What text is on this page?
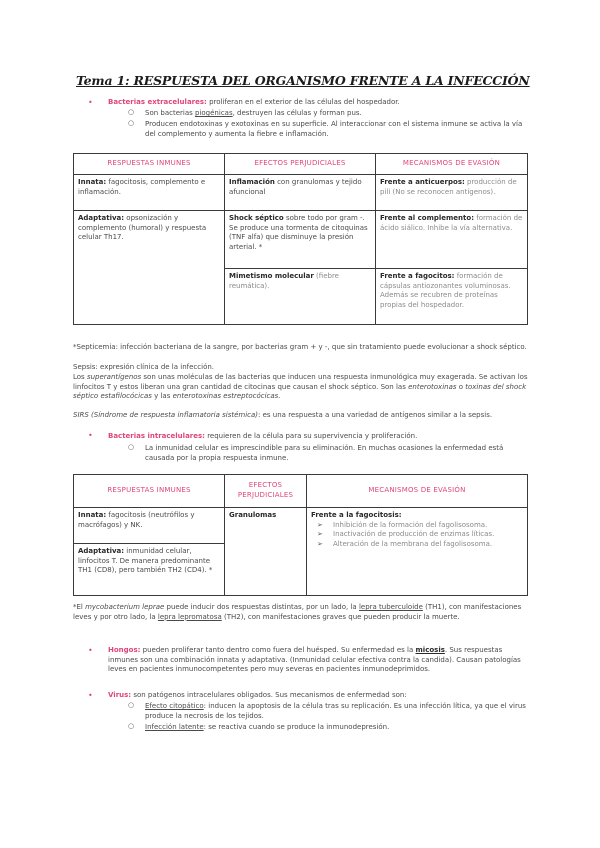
Tema 1: RESPUESTA DEL ORGANISMO FRENTE A LA INFECCIÓN
• Bacterias extracelulares: proliferan en el exterior de las células del hospedador.
○ Son bacterias piogénicas, destruyen las células y forman pus.
○ Producen endotoxinas y exotoxinas en su superficie. Al interaccionar con el sistema inmune se activa la vía del complemento y aumenta la fiebre e inflamación.
RESPUESTAS INMUNES	EFECTOS PERJUDICIALES	MECANISMOS DE EVASIÓN
Innata: fagocitosis, complemento e inflamación.	Inflamación con granulomas y tejido afuncional	Frente a anticuerpos: producción de pili (No se reconocen antígenos).
Adaptativa: opsonización y complemento (humoral) y respuesta celular Th17.	Shock séptico sobre todo por gram -. Se produce una tormenta de citoquinas (TNF alfa) que disminuye la presión arterial. *	Frente al complemento: formación de ácido siálico. Inhibe la vía alternativa.
	Mimetismo molecular (fiebre reumática).	Frente a fagocitos: formación de cápsulas antiozonantes voluminosas. Además se recubren de proteínas propias del hospedador.
*Septicemia: infección bacteriana de la sangre, por bacterias gram + y -, que sin tratamiento puede evolucionar a shock séptico.
Sepsis: expresión clínica de la infección.
Los superantígenos son unas moléculas de las bacterias que inducen una respuesta inmunológica muy exagerada. Se activan los linfocitos T y estos liberan una gran cantidad de citocinas que causan el shock séptico. Son las enterotoxinas o toxinas del shock séptico estafilocócicas y las enterotoxinas estreptocócicas.
SIRS (Síndrome de respuesta inflamatoria sistémica): es una respuesta a una variedad de antígenos similar a la sepsis.
• Bacterias intracelulares: requieren de la célula para su supervivencia y proliferación.
○ La inmunidad celular es imprescindible para su eliminación. En muchas ocasiones la enfermedad está causada por la propia respuesta inmune.
RESPUESTAS INMUNES	EFECTOS PERJUDICIALES	MECANISMOS DE EVASIÓN
Innata: fagocitosis (neutrófilos y macrófagos) y NK.	Granulomas	Frente a la fagocitosis:
➢ Inhibición de la formación del fagolisosoma.
➢ Inactivación de producción de enzimas líticas.
➢ Alteración de la membrana del fagolisosoma.

Adaptativa: inmunidad celular, linfocitos T. De manera predominante TH1 (CD8), pero también TH2 (CD4). *		
*El mycobacterium leprae puede inducir dos respuestas distintas, por un lado, la lepra tuberculoide (TH1), con manifestaciones leves y por otro lado, la lepra lepromatosa (TH2), con manifestaciones graves que pueden producir la muerte.
• Hongos: pueden proliferar tanto dentro como fuera del huésped. Su enfermedad es la micosis. Sus respuestas inmunes son una combinación innata y adaptativa. (Inmunidad celular efectiva contra la candida). Causan patologías leves en pacientes inmunocompetentes pero muy severas en pacientes inmunodeprimidos.
• Virus: son patógenos intracelulares obligados. Sus mecanismos de enfermedad son:
○ Efecto citopático: inducen la apoptosis de la célula tras su replicación. Es una infección lítica, ya que el virus produce la necrosis de los tejidos.
○ Infección latente: se reactiva cuando se produce la inmunodepresión.
